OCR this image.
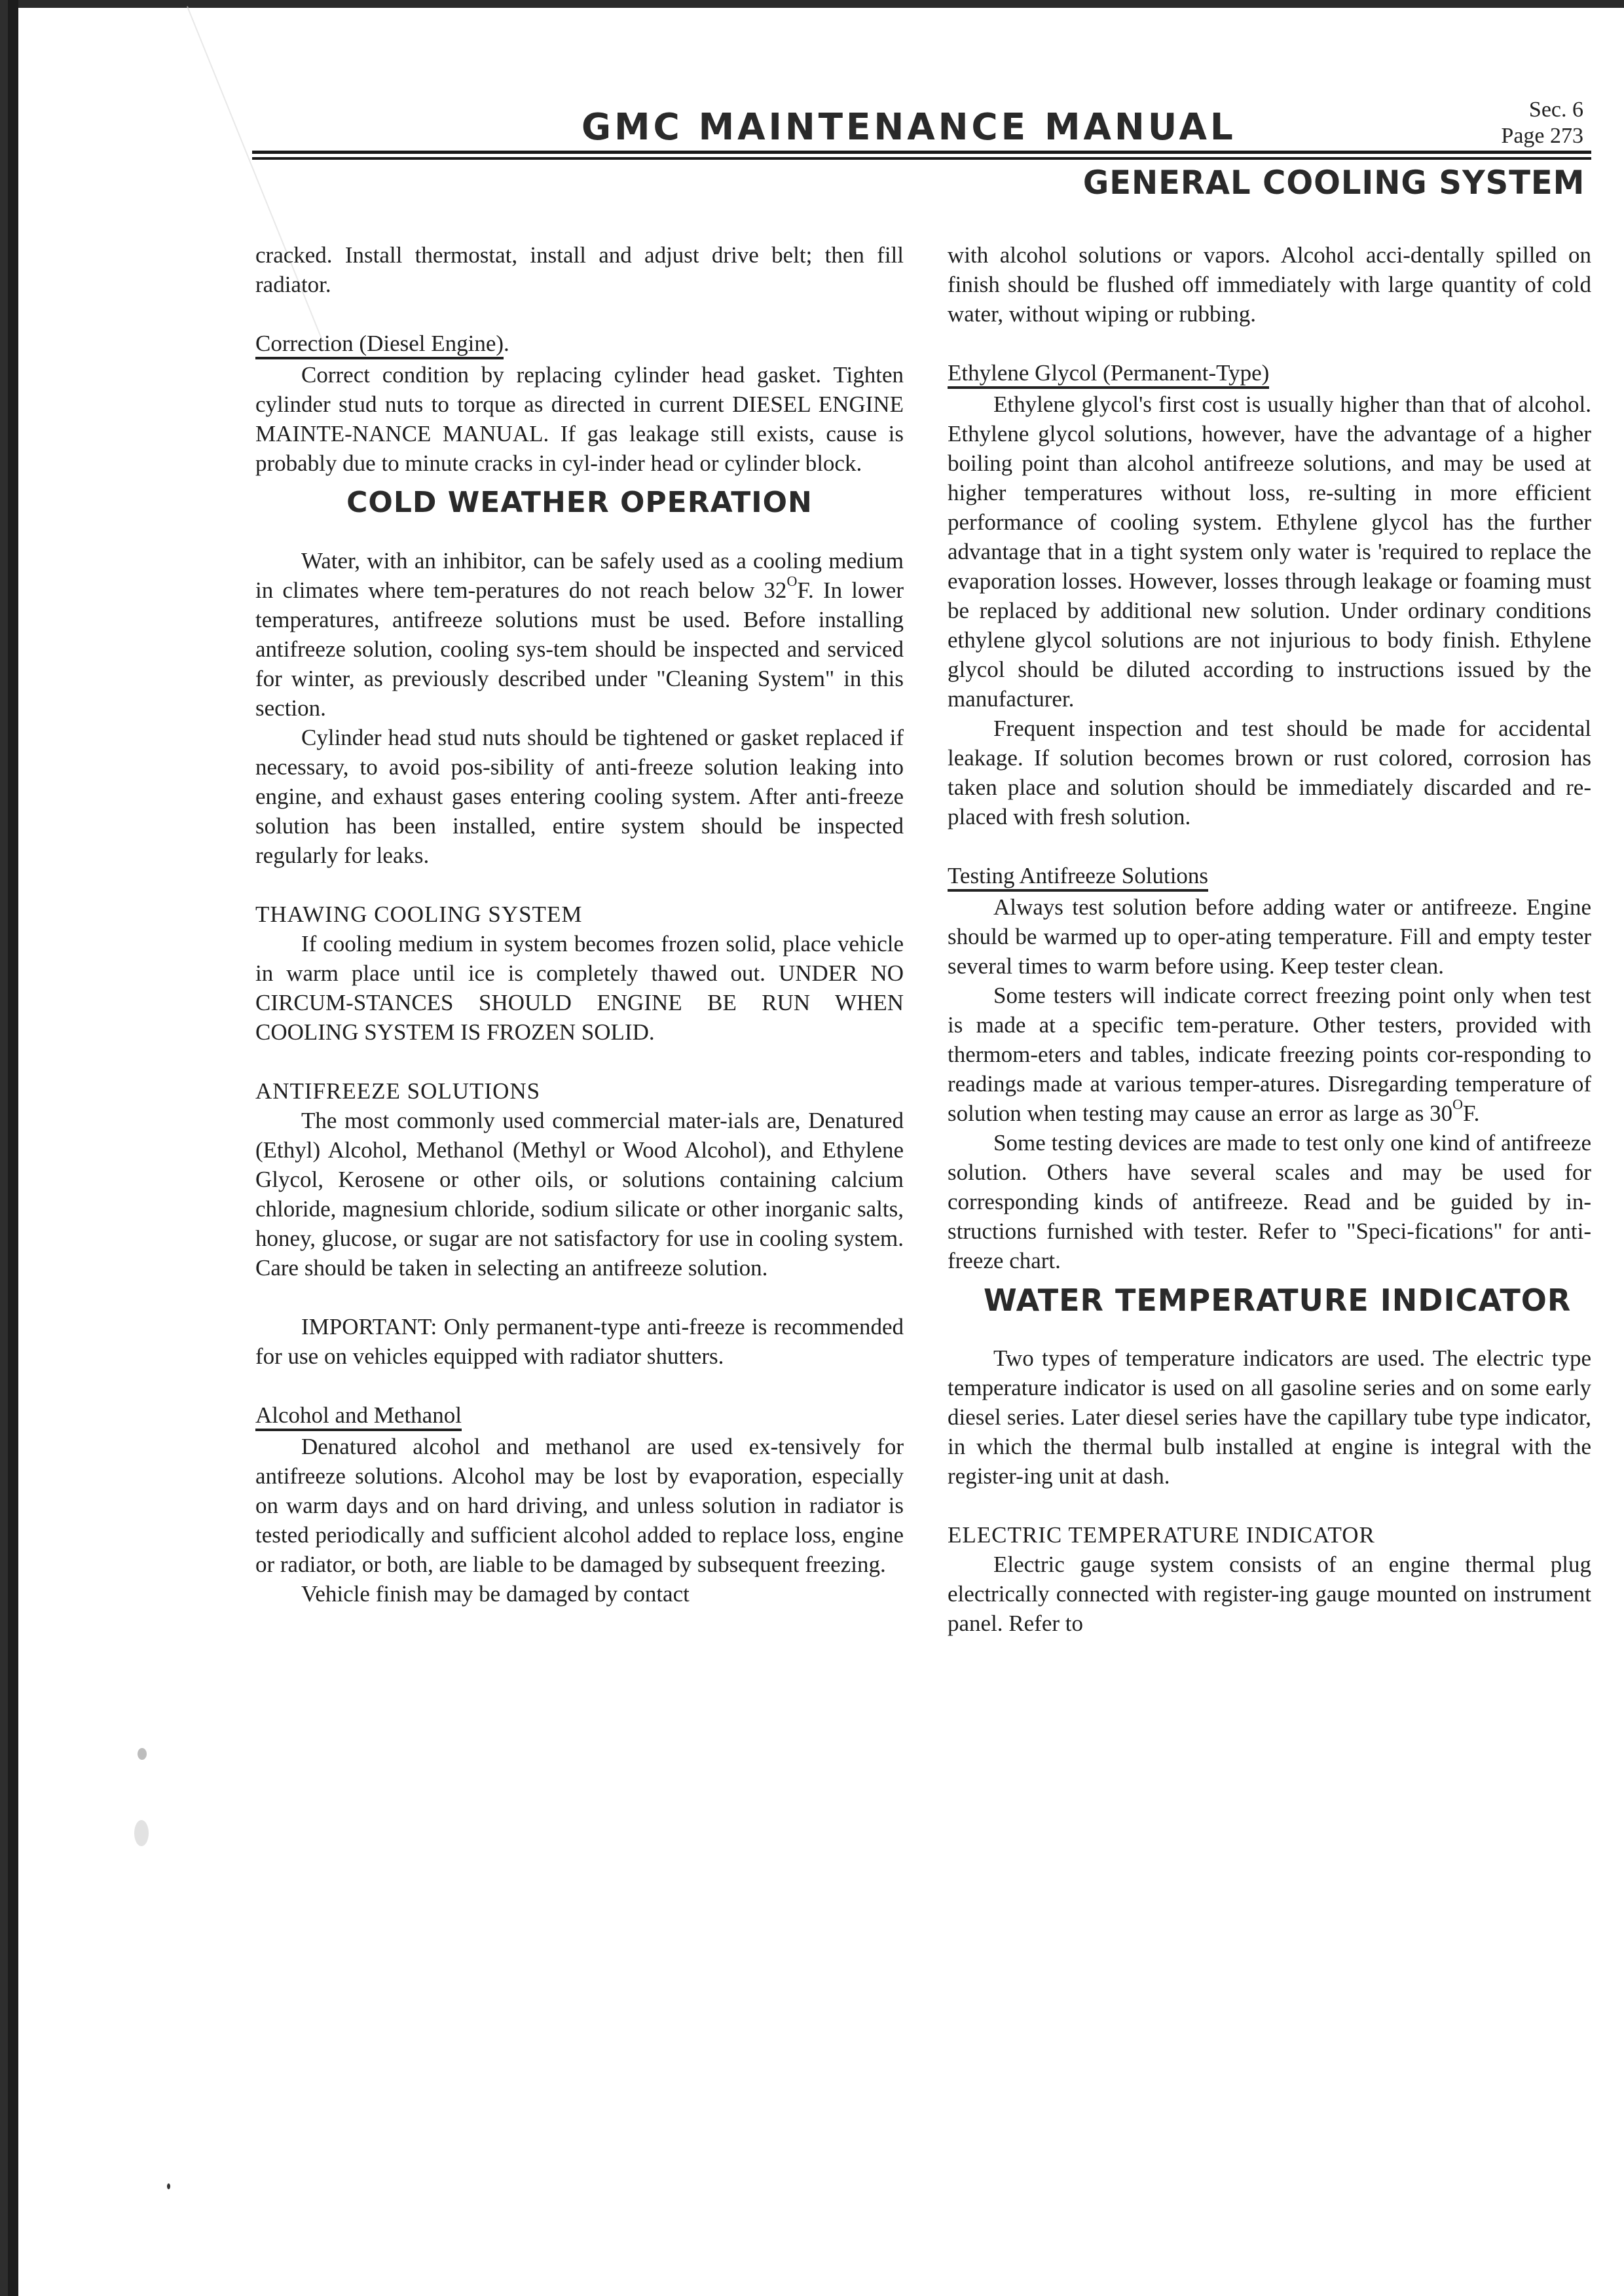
GMC MAINTENANCE MANUAL	Sec. 6
Page 273
GENERAL COOLING SYSTEM

cracked. Install thermostat, install and adjust drive belt; then fill radiator.

Correction (Diesel Engine).

Correct condition by replacing cylinder head gasket. Tighten cylinder stud nuts to torque as directed in current DIESEL ENGINE MAINTE-NANCE MANUAL. If gas leakage still exists, cause is probably due to minute cracks in cyl-inder head or cylinder block.

COLD WEATHER OPERATION

Water, with an inhibitor, can be safely used as a cooling medium in climates where tem-peratures do not reach below $32^OF$. In lower temperatures, antifreeze solutions must be used. Before installing antifreeze solution, cooling sys-tem should be inspected and serviced for winter, as previously described under "Cleaning System" in this section.

Cylinder head stud nuts should be tightened or gasket replaced if necessary, to avoid pos-sibility of anti-freeze solution leaking into engine, and exhaust gases entering cooling system. After anti-freeze solution has been installed, entire system should be inspected regularly for leaks.

THAWING COOLING SYSTEM

If cooling medium in system becomes frozen solid, place vehicle in warm place until ice is completely thawed out. UNDER NO CIRCUM-STANCES SHOULD ENGINE BE RUN WHEN COOLING SYSTEM IS FROZEN SOLID.

ANTIFREEZE SOLUTIONS

The most commonly used commercial mater-ials are, Denatured (Ethyl) Alcohol, Methanol (Methyl or Wood Alcohol), and Ethylene Glycol, Kerosene or other oils, or solutions containing calcium chloride, magnesium chloride, sodium silicate or other inorganic salts, honey, glucose, or sugar are not satisfactory for use in cooling system. Care should be taken in selecting an antifreeze solution.

IMPORTANT: Only permanent-type anti-freeze is recommended for use on vehicles equipped with radiator shutters.

Alcohol and Methanol

Denatured alcohol and methanol are used ex-tensively for antifreeze solutions. Alcohol may be lost by evaporation, especially on warm days and on hard driving, and unless solution in radiator is tested periodically and sufficient alcohol added to replace loss, engine or radiator, or both, are liable to be damaged by subsequent freezing.

Vehicle finish may be damaged by contact

with alcohol solutions or vapors. Alcohol acci-dentally spilled on finish should be flushed off immediately with large quantity of cold water, without wiping or rubbing.

Ethylene Glycol (Permanent-Type)

Ethylene glycol's first cost is usually higher than that of alcohol. Ethylene glycol solutions, however, have the advantage of a higher boiling point than alcohol antifreeze solutions, and may be used at higher temperatures without loss, re-sulting in more efficient performance of cooling system. Ethylene glycol has the further advantage that in a tight system only water is 'required to replace the evaporation losses. However, losses through leakage or foaming must be replaced by additional new solution. Under ordinary conditions ethylene glycol solutions are not injurious to body finish. Ethylene glycol should be diluted according to instructions issued by the manufacturer.

Frequent inspection and test should be made for accidental leakage. If solution becomes brown or rust colored, corrosion has taken place and solution should be immediately discarded and re-placed with fresh solution.

Testing Antifreeze Solutions

Always test solution before adding water or antifreeze. Engine should be warmed up to oper-ating temperature. Fill and empty tester several times to warm before using. Keep tester clean.

Some testers will indicate correct freezing point only when test is made at a specific tem-perature. Other testers, provided with thermom-eters and tables, indicate freezing points cor-responding to readings made at various temper-atures. Disregarding temperature of solution when testing may cause an error as large as $30^OF$.

Some testing devices are made to test only one kind of antifreeze solution. Others have several scales and may be used for corresponding kinds of antifreeze. Read and be guided by in-structions furnished with tester. Refer to "Speci-fications" for anti-freeze chart.

WATER TEMPERATURE INDICATOR

Two types of temperature indicators are used. The electric type temperature indicator is used on all gasoline series and on some early diesel series. Later diesel series have the capillary tube type indicator, in which the thermal bulb installed at engine is integral with the register-ing unit at dash.

ELECTRIC TEMPERATURE INDICATOR

Electric gauge system consists of an engine thermal plug electrically connected with register-ing gauge mounted on instrument panel. Refer to
